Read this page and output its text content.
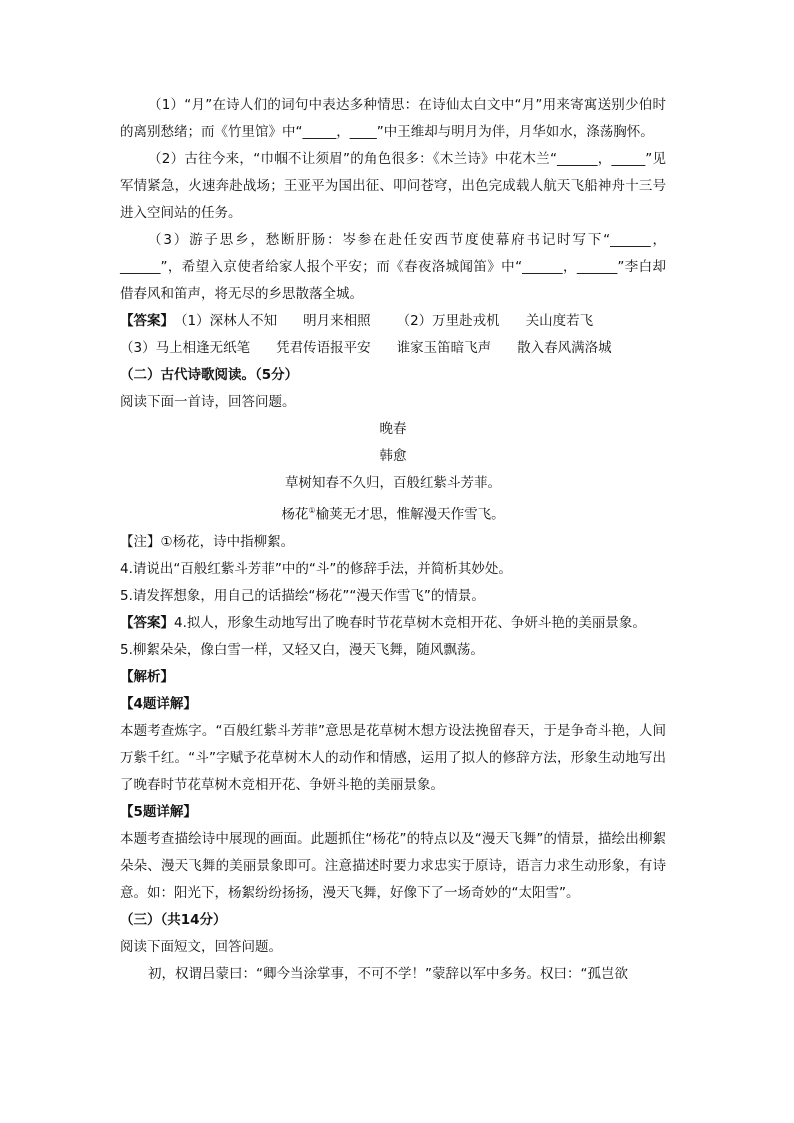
（1）“月”在诗人们的词句中表达多种情思：在诗仙太白文中“月”用来寄寓送别少伯时的离别愁绪；而《竹里馆》中“_____，____”中王维却与明月为伴，月华如水，涤荡胸怀。

（2）古往今来，“巾帼不让须眉”的角色很多：《木兰诗》中花木兰“______，_____”见军情紧急，火速奔赴战场；王亚平为国出征、叩问苍穹，出色完成载人航天飞船神舟十三号进入空间站的任务。

（3）游子思乡，愁断肝肠：岑参在赴任安西节度使幕府书记时写下“______，______”，希望入京使者给家人报个平安；而《春夜洛城闻笛》中“______，______”李白却借春风和笛声，将无尽的乡思散落全城。

【答案】 （1）深林人不知 明月来相照 （2）万里赴戎机 关山度若飞
（3）马上相逢无纸笔 凭君传语报平安 谁家玉笛暗飞声 散入春风满洛城

（二）古代诗歌阅读。（5分）

阅读下面一首诗，回答问题。

晚春

韩愈

草树知春不久归，百般红紫斗芳菲。

杨花①榆荚无才思，惟解漫天作雪飞。

【注】①杨花，诗中指柳絮。

4.请说出“百般红紫斗芳菲”中的“斗”的修辞手法，并简析其妙处。

5.请发挥想象，用自己的话描绘“杨花”“漫天作雪飞”的情景。

【答案】4.拟人，形象生动地写出了晚春时节花草树木竞相开花、争妍斗艳的美丽景象。

5.柳絮朵朵，像白雪一样，又轻又白，漫天飞舞，随风飘荡。

【解析】

【4题详解】

本题考查炼字。“百般红紫斗芳菲”意思是花草树木想方设法挽留春天，于是争奇斗艳，人间万紫千红。“斗”字赋予花草树木人的动作和情感，运用了拟人的修辞方法，形象生动地写出了晚春时节花草树木竞相开花、争妍斗艳的美丽景象。

【5题详解】

本题考查描绘诗中展现的画面。此题抓住“杨花”的特点以及“漫天飞舞”的情景，描绘出柳絮朵朵、漫天飞舞的美丽景象即可。注意描述时要力求忠实于原诗，语言力求生动形象，有诗意。如：阳光下，杨絮纷纷扬扬，漫天飞舞，好像下了一场奇妙的“太阳雪”。

（三）（共14分）

阅读下面短文，回答问题。

初，权谓吕蒙曰：“卿今当涂掌事，不可不学！”蒙辞以军中多务。权曰：“孤岂欲
